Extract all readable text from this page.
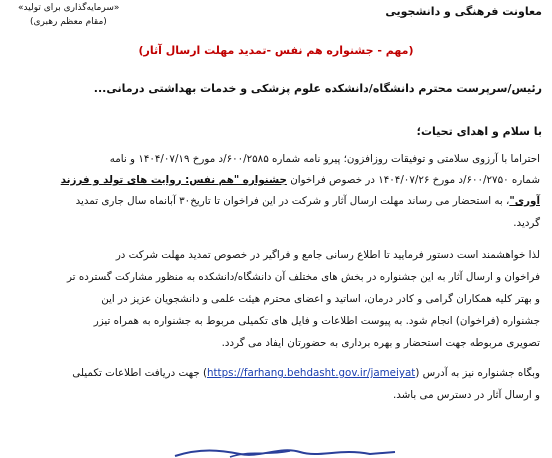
معاونت فرهنگی و دانشجویی
«سرمایه‌گذاری برای تولید»
(مقام معظم رهبری)
(مهم - جشنواره هم نفس -تمدید مهلت ارسال آثار)
رئیس/سرپرست محترم دانشگاه/دانشکده علوم پزشکی و خدمات بهداشتی درمانی...
با سلام و اهدای تحیات؛
احتراما با آرزوی سلامتی و توفیقات روزافزون؛ پیرو نامه شماره ۶۰۰/۲۵۸۵/د مورخ ۱۴۰۴/۰۷/۱۹ و نامه
شماره ۶۰۰/۲۷۵۰/د مورخ ۱۴۰۴/۰۷/۲۶ در خصوص فراخوان جشنواره "هم نفس: روایت های تولد و فرزند
آوری"، به استحضار می رساند مهلت ارسال آثار و شرکت در این فراخوان تا تاریخ۳۰ آبانماه سال جاری تمدید
گردید.
لذا خواهشمند است دستور فرمایید تا اطلاع رسانی جامع و فراگیر در خصوص تمدید مهلت شرکت در
فراخوان و ارسال آثار به این جشنواره در بخش های مختلف آن دانشگاه/دانشکده به منظور مشارکت گسترده تر
و بهتر کلیه همکاران گرامی و کادر درمان، اساتید و اعضای محترم هیئت علمی و دانشجویان عزیز در این
جشنواره (فراخوان) انجام شود. به پیوست اطلاعات و فایل های تکمیلی مربوط به جشنواره به همراه تیزر
تصویری مربوطه جهت استحضار و بهره برداری به حضورتان ایفاد می گردد.
وبگاه جشنواره نیز به آدرس (https://farhang.behdasht.gov.ir/jameiyat) جهت دریافت اطلاعات تکمیلی
و ارسال آثار در دسترس می باشد.
